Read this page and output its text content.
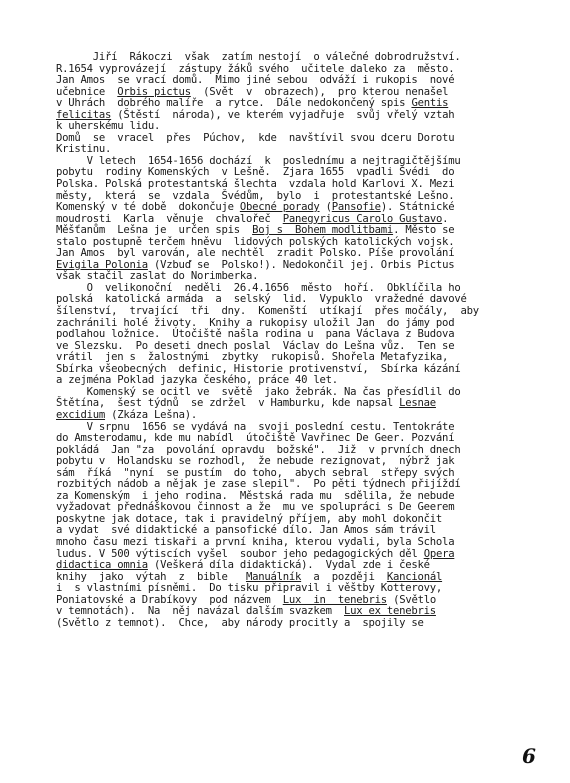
Jiří  Rákoczi  však  zatím nestojí  o válečné dobrodružství.
R.1654 vyprovázejí  zástupy žáků svého  učitele daleko za  město.
Jan Amos  se vrací domů.  Mimo jiné sebou  odváží i rukopis  nové
učebnice  Orbis pictus  (Svět  v  obrazech),  pro kterou nenašel
v Uhrách  dobrého malíře  a rytce.  Dále nedokončený spis Gentis
felicitas (Štěstí  národa), ve kterém vyjadřuje  svůj vřelý vztah
k uherskému lidu.
Domů  se  vracel  přes  Púchov,  kde  navštívil svou dceru Dorotu
Kristinu.
V letech  1654-1656 dochází  k  poslednímu a nejtragičtějšímu
pobytu  rodiny Komenských  v Lešně.  Zjara 1655  vpadli Švédi  do
Polska. Polská protestantská šlechta  vzdala hold Karlovi X. Mezi
městy,  která  se  vzdala  Švédům,  bylo  i  protestantské Lešno.
Komenský v té době  dokončuje Obecné porady (Pansofie). Státnické
moudrosti  Karla  věnuje  chvalořeč  Panegyricus Carolo Gustavo.
Měšťanům  Lešna je  určen spis  Boj s  Bohem modlitbami. Město se
stalo postupně terčem hněvu  lidových polských katolických vojsk.
Jan Amos  byl varován, ale nechtěl  zradit Polsko. Píše provolání
Evigila Polonia (Vzbuď se  Polsko!). Nedokončil jej. Orbis Pictus
však stačil zaslat do Norimberka.
O  velikonoční  neděli  26.4.1656  město  hoří.  Obklíčila ho
polská  katolická armáda  a  selský  lid.  Vypuklo  vražedné davové
šílenství,  trvající  tři  dny.  Komenští  utíkají  přes močály,  aby
zachránili holé životy.  Knihy a rukopisy uložil Jan  do jámy pod
podlahou ložnice.  Útočiště našla rodina u  pana Václava z Budova
ve Slezsku.  Po deseti dnech poslal  Václav do Lešna vůz.  Ten se
vrátil  jen s  žalostnými  zbytky  rukopisů. Shořela Metafyzika,
Sbírka všeobecných  definic, Historie protivenství,  Sbírka kázání
a zejména Poklad jazyka českého, práce 40 let.
Komenský se ocitl ve  světě  jako žebrák. Na čas přesídlil do
Štětína,  šest týdnů  se zdržel  v Hamburku, kde napsal Lesnae
excidium (Zkáza Lešna).
V srpnu  1656 se vydává na  svoji poslední cestu. Tentokráte
do Amsterodamu, kde mu nabídl  útočiště Vavřinec De Geer. Pozvání
pokládá  Jan "za  povolání opravdu  božské".  Již  v prvních dnech
pobytu v  Holandsku se rozhodl,  že nebude rezignovat,  nýbrž jak
sám  říká  "nyní  se pustím  do toho,  abych sebral  střepy svých
rozbitých nádob a nějak je zase slepil".  Po pěti týdnech přijíždí
za Komenským  i jeho rodina.  Městská rada mu  sdělila, že nebude
vyžadovat přednáškovou činnost a že  mu ve spolupráci s De Geerem
poskytne jak dotace, tak i pravidelný příjem, aby mohl dokončit
a vydat  své didaktické a pansofické dílo. Jan Amos sám trávil
mnoho času mezi tiskaři a první kniha, kterou vydali, byla Schola
ludus. V 500 výtiscích vyšel  soubor jeho pedagogických děl Opera
didactica omnia (Veškerá díla didaktická).  Vydal zde i české
knihy  jako  výtah  z  bible   Manuálník  a  později  Kancionál
i  s vlastními písněmi.  Do tisku připravil i věštby Kotterovy,
Poniatovské a Drabíkovy  pod názvem  Lux  in  tenebris (Světlo
v temnotách).  Na  něj navázal dalším svazkem  Lux ex tenebris
(Světlo z temnot).  Chce,  aby národy procitly a  spojily se
6
